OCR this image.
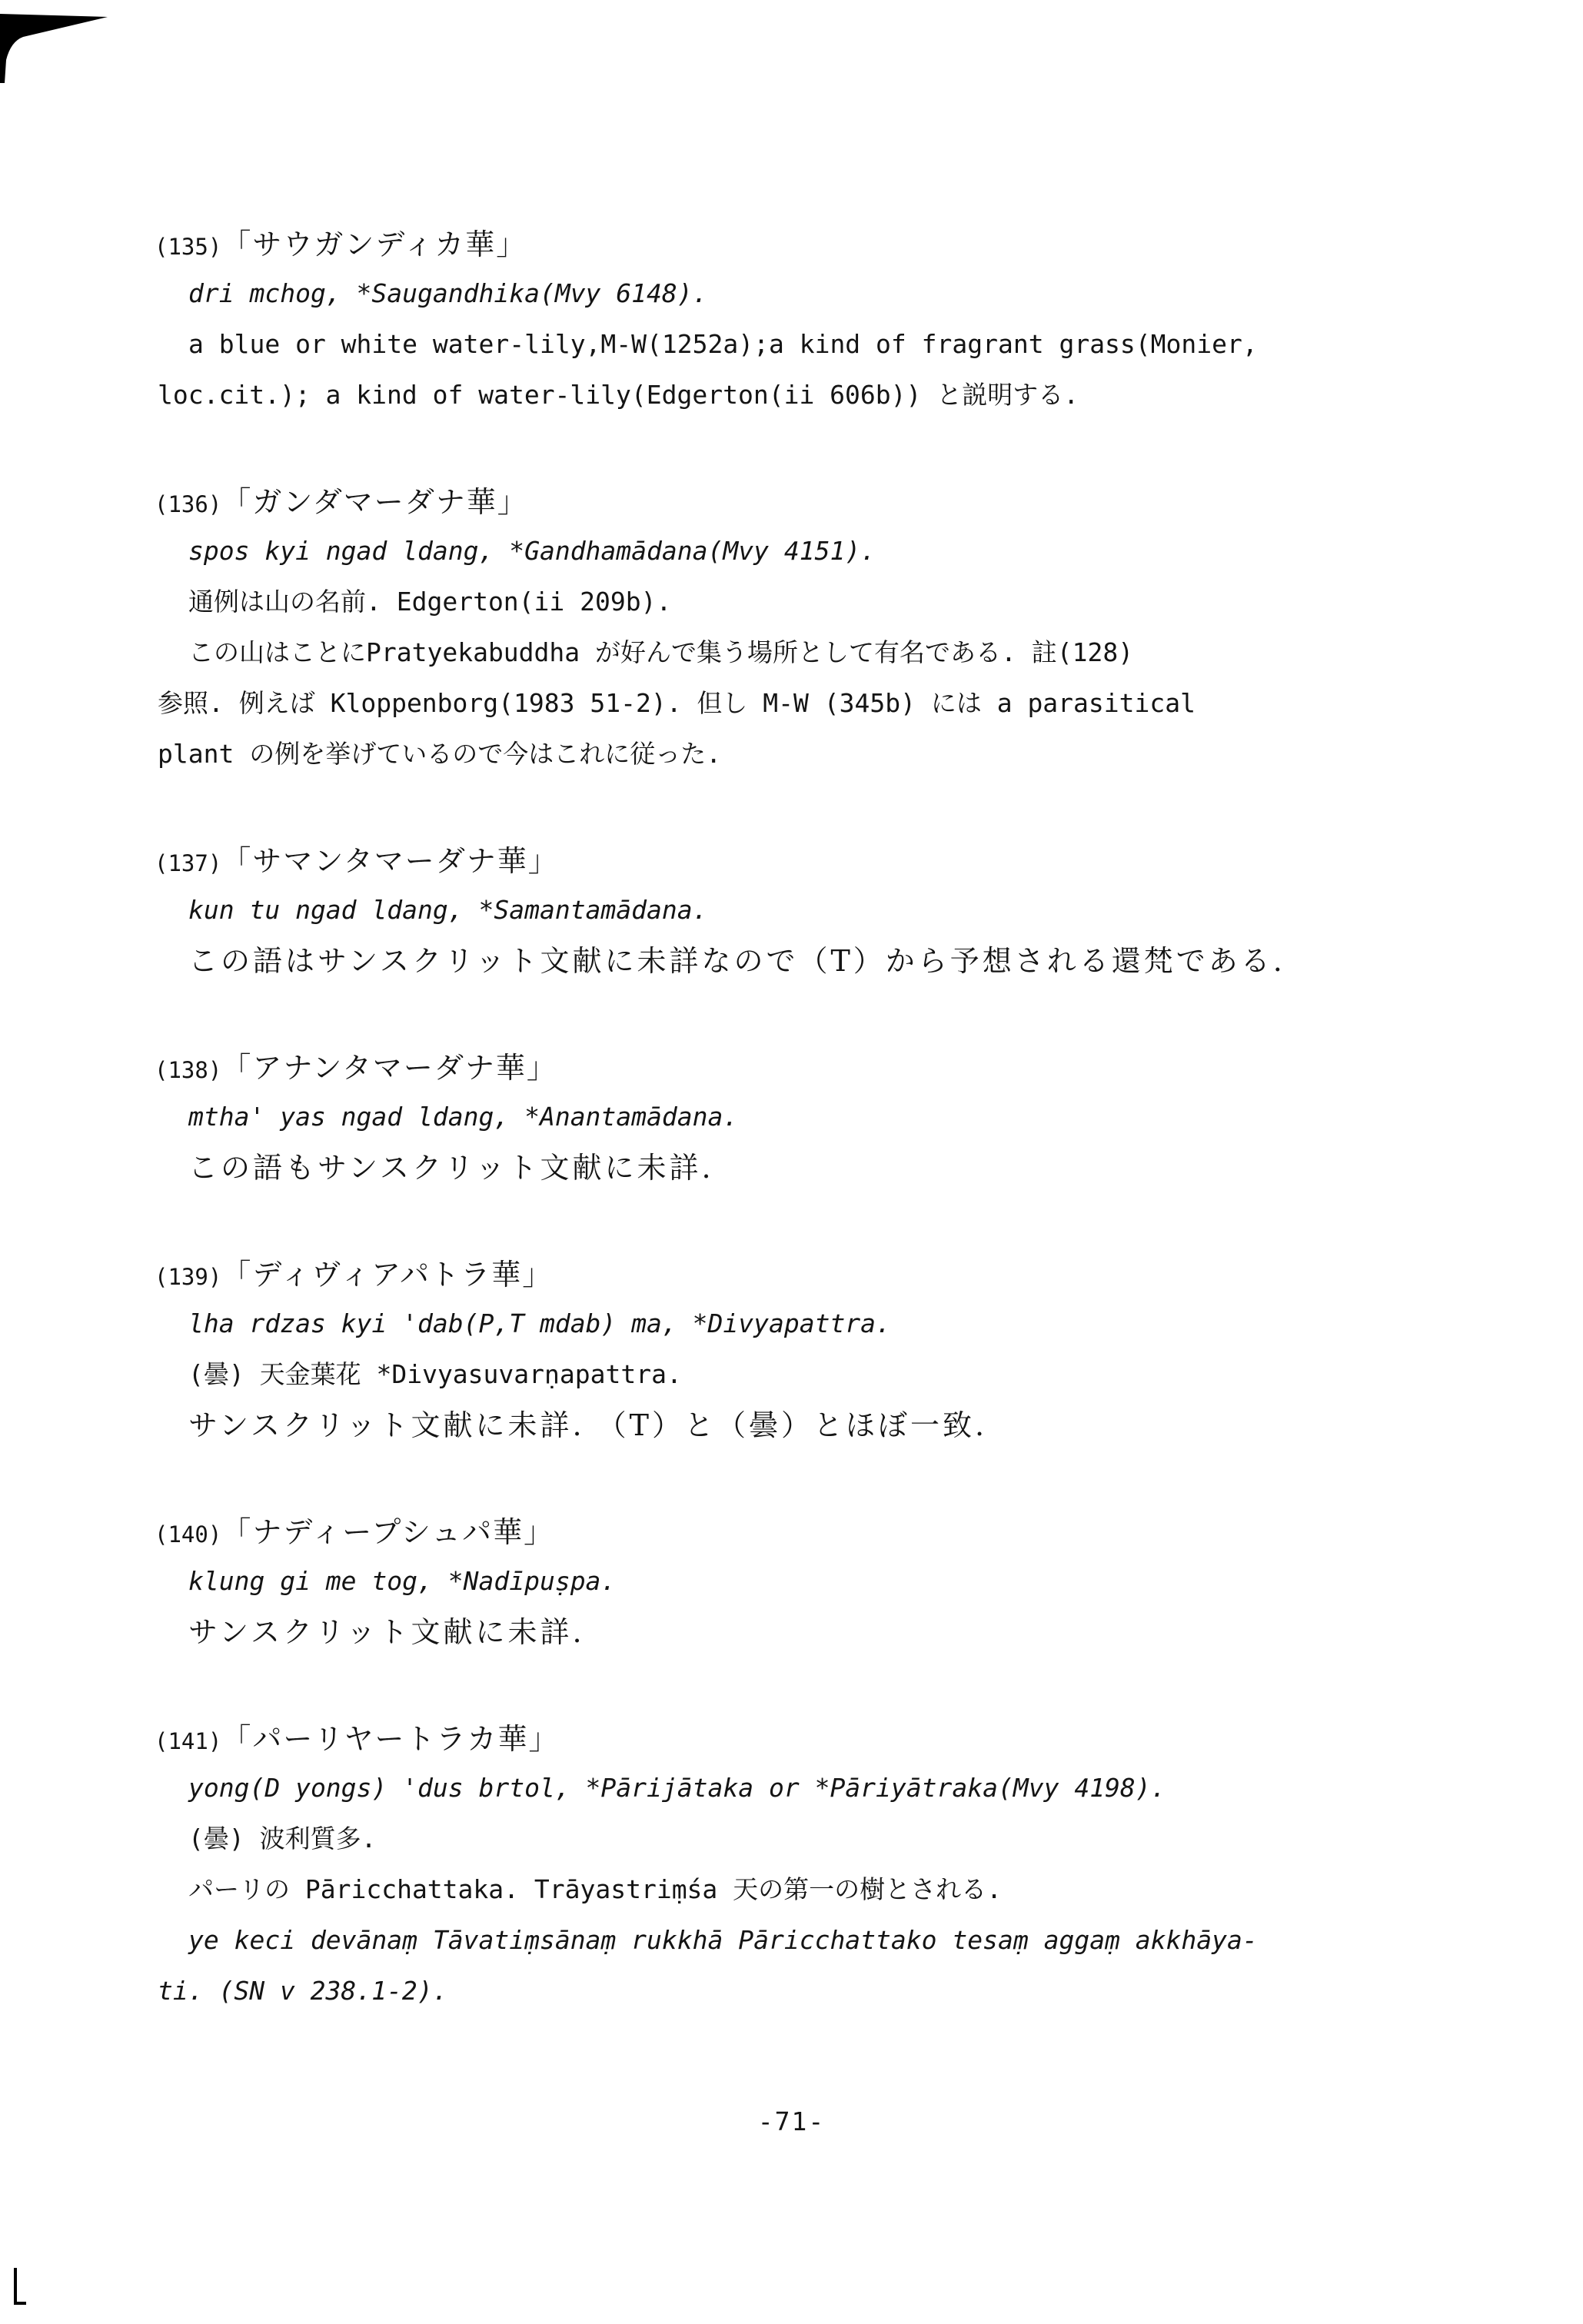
(135)「サウガンディカ華」
dri mchog, *Saugandhika(Mvy 6148).
a blue or white water-lily,M-W(1252a);a kind of fragrant grass(Monier,
loc.cit.); a kind of water-lily(Edgerton(ii 606b)) と説明する.
(136)「ガンダマーダナ華」
spos kyi ngad ldang, *Gandhamādana(Mvy 4151).
通例は山の名前. Edgerton(ii 209b).
この山はことにPratyekabuddha が好んで集う場所として有名である. 註(128)
参照. 例えば Kloppenborg(1983 51-2). 但し M-W (345b) には a parasitical
plant の例を挙げているので今はこれに従った.
(137)「サマンタマーダナ華」
kun tu ngad ldang, *Samantamādana.
この語はサンスクリット文献に未詳なので（T）から予想される還梵である.
(138)「アナンタマーダナ華」
mtha' yas ngad ldang, *Anantamādana.
この語もサンスクリット文献に未詳.
(139)「ディヴィアパトラ華」
lha rdzas kyi 'dab(P,T mdab) ma, *Divyapattra.
(曇) 天金葉花 *Divyasuvarṇapattra.
サンスクリット文献に未詳. （T）と（曇）とほぼ一致.
(140)「ナディープシュパ華」
klung gi me tog, *Nadīpuṣpa.
サンスクリット文献に未詳.
(141)「パーリヤートラカ華」
yong(D yongs) 'dus brtol, *Pārijātaka or *Pāriyātraka(Mvy 4198).
(曇) 波利質多.
パーリの Pāricchattaka. Trāyastriṃśa 天の第一の樹とされる.
ye keci devānaṃ Tāvatiṃsānaṃ rukkhā Pāricchattako tesaṃ aggaṃ akkhāya-
ti. (SN v 238.1-2).
-71-
